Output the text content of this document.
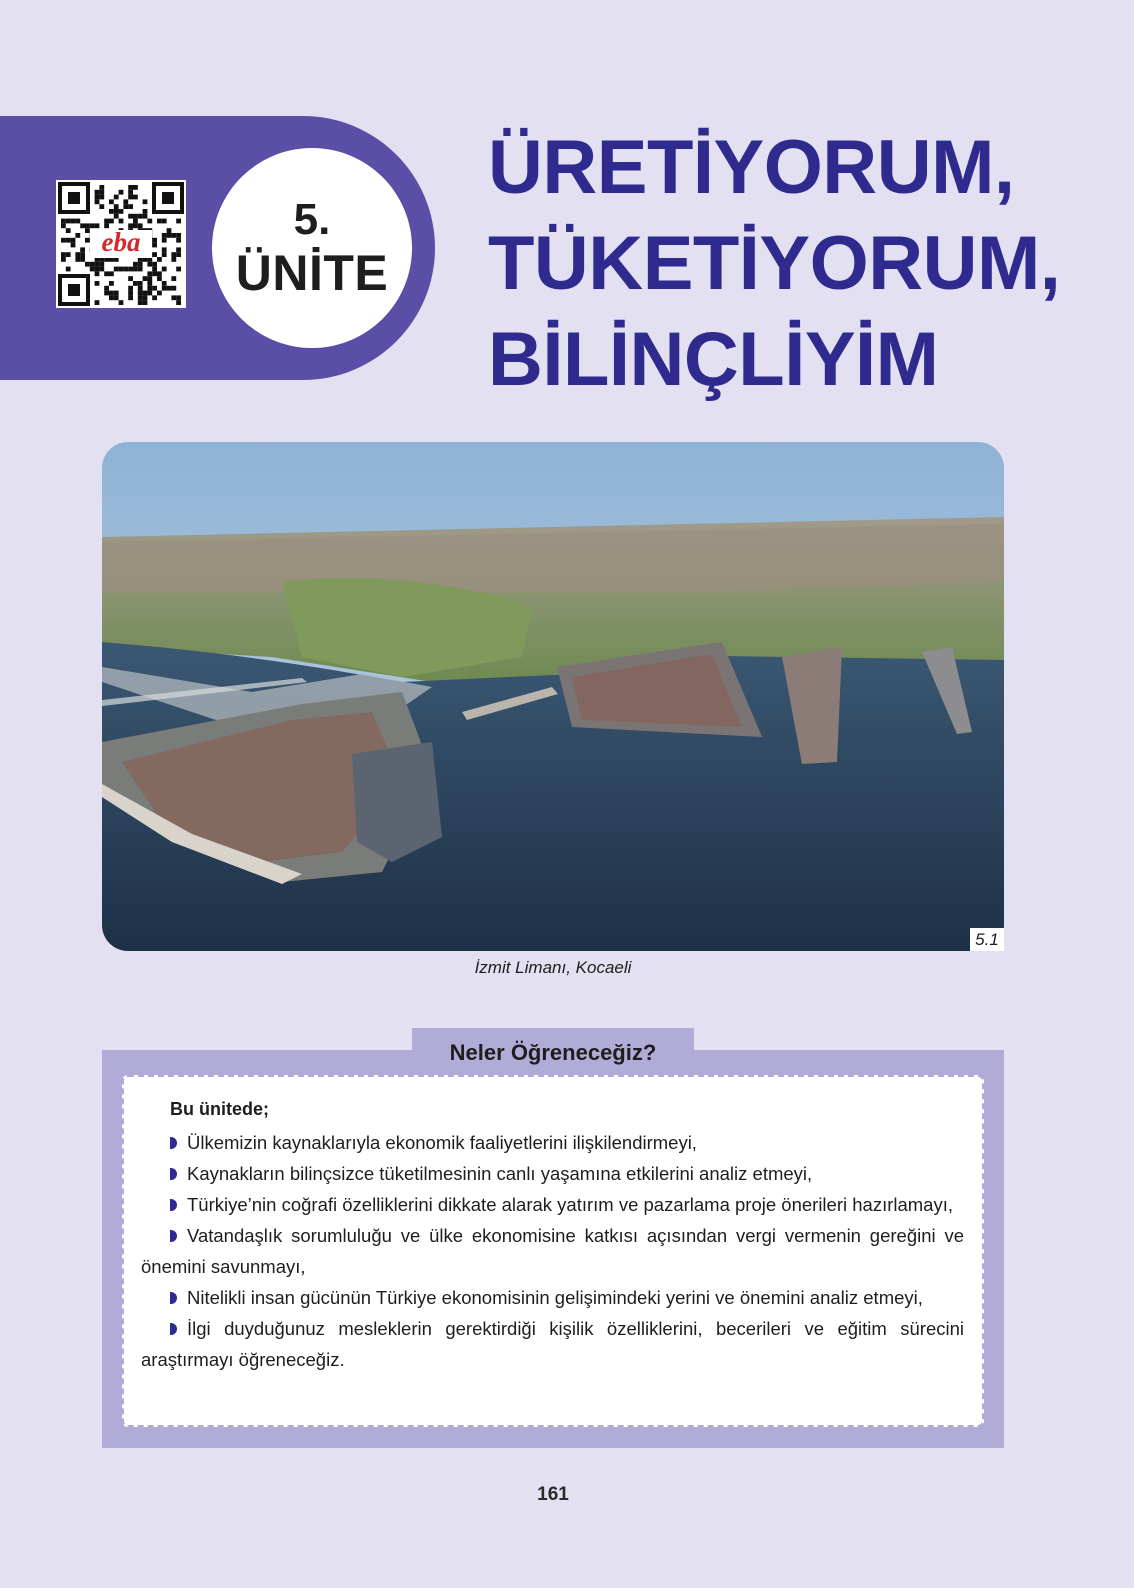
eba	5.
ÜNİTE
ÜRETİYORUM,
TÜKETİYORUM,
BİLİNÇLİYİM
5.1
İzmit Limanı, Kocaeli
Neler Öğreneceğiz?

Bu ünitede;

Ülkemizin kaynaklarıyla ekonomik faaliyetlerini ilişkilendirmeyi,
Kaynakların bilinçsizce tüketilmesinin canlı yaşamına etkilerini analiz etmeyi,
Türkiye’nin coğrafi özelliklerini dikkate alarak yatırım ve pazarlama proje önerileri hazırlamayı,
Vatandaşlık sorumluluğu ve ülke ekonomisine katkısı açısından vergi vermenin gereğini ve önemini savunmayı,
Nitelikli insan gücünün Türkiye ekonomisinin gelişimindeki yerini ve önemini analiz etmeyi,
İlgi duyduğunuz mesleklerin gerektirdiği kişilik özelliklerini, becerileri ve eğitim sürecini araştırmayı öğreneceğiz.
161
